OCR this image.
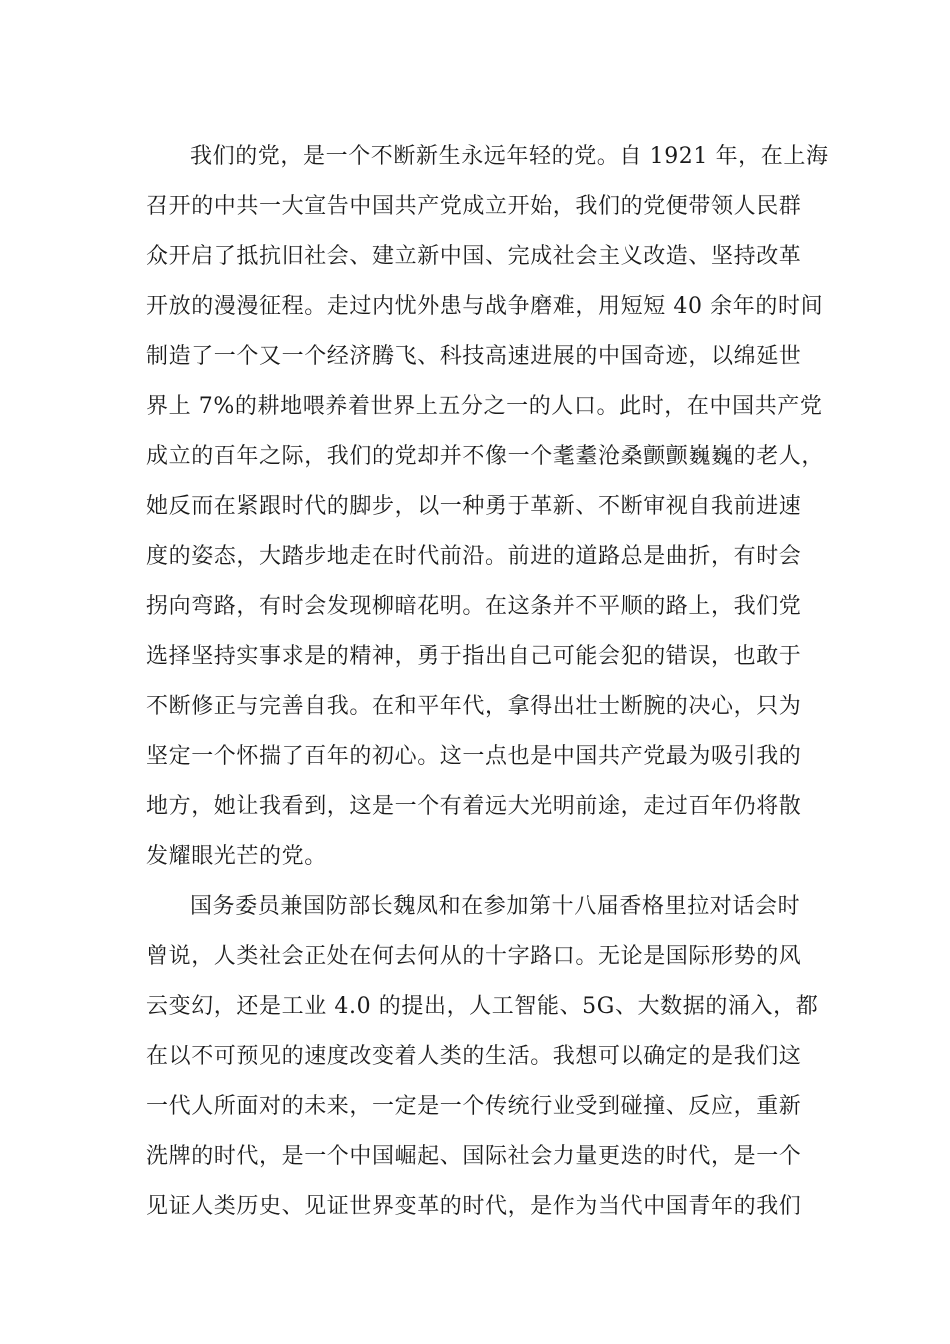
我们的党，是一个不断新生永远年轻的党。自 1921 年，在上海
召开的中共一大宣告中国共产党成立开始，我们的党便带领人民群
众开启了抵抗旧社会、建立新中国、完成社会主义改造、坚持改革
开放的漫漫征程。走过内忧外患与战争磨难，用短短 40 余年的时间
制造了一个又一个经济腾飞、科技高速进展的中国奇迹，以绵延世
界上 7%的耕地喂养着世界上五分之一的人口。此时，在中国共产党
成立的百年之际，我们的党却并不像一个耄耋沧桑颤颤巍巍的老人，
她反而在紧跟时代的脚步，以一种勇于革新、不断审视自我前进速
度的姿态，大踏步地走在时代前沿。前进的道路总是曲折，有时会
拐向弯路，有时会发现柳暗花明。在这条并不平顺的路上，我们党
选择坚持实事求是的精神，勇于指出自己可能会犯的错误，也敢于
不断修正与完善自我。在和平年代，拿得出壮士断腕的决心，只为
坚定一个怀揣了百年的初心。这一点也是中国共产党最为吸引我的
地方，她让我看到，这是一个有着远大光明前途，走过百年仍将散
发耀眼光芒的党。
国务委员兼国防部长魏凤和在参加第十八届香格里拉对话会时
曾说，人类社会正处在何去何从的十字路口。无论是国际形势的风
云变幻，还是工业 4.0 的提出，人工智能、5G、大数据的涌入，都
在以不可预见的速度改变着人类的生活。我想可以确定的是我们这
一代人所面对的未来，一定是一个传统行业受到碰撞、反应，重新
洗牌的时代，是一个中国崛起、国际社会力量更迭的时代，是一个
见证人类历史、见证世界变革的时代，是作为当代中国青年的我们
